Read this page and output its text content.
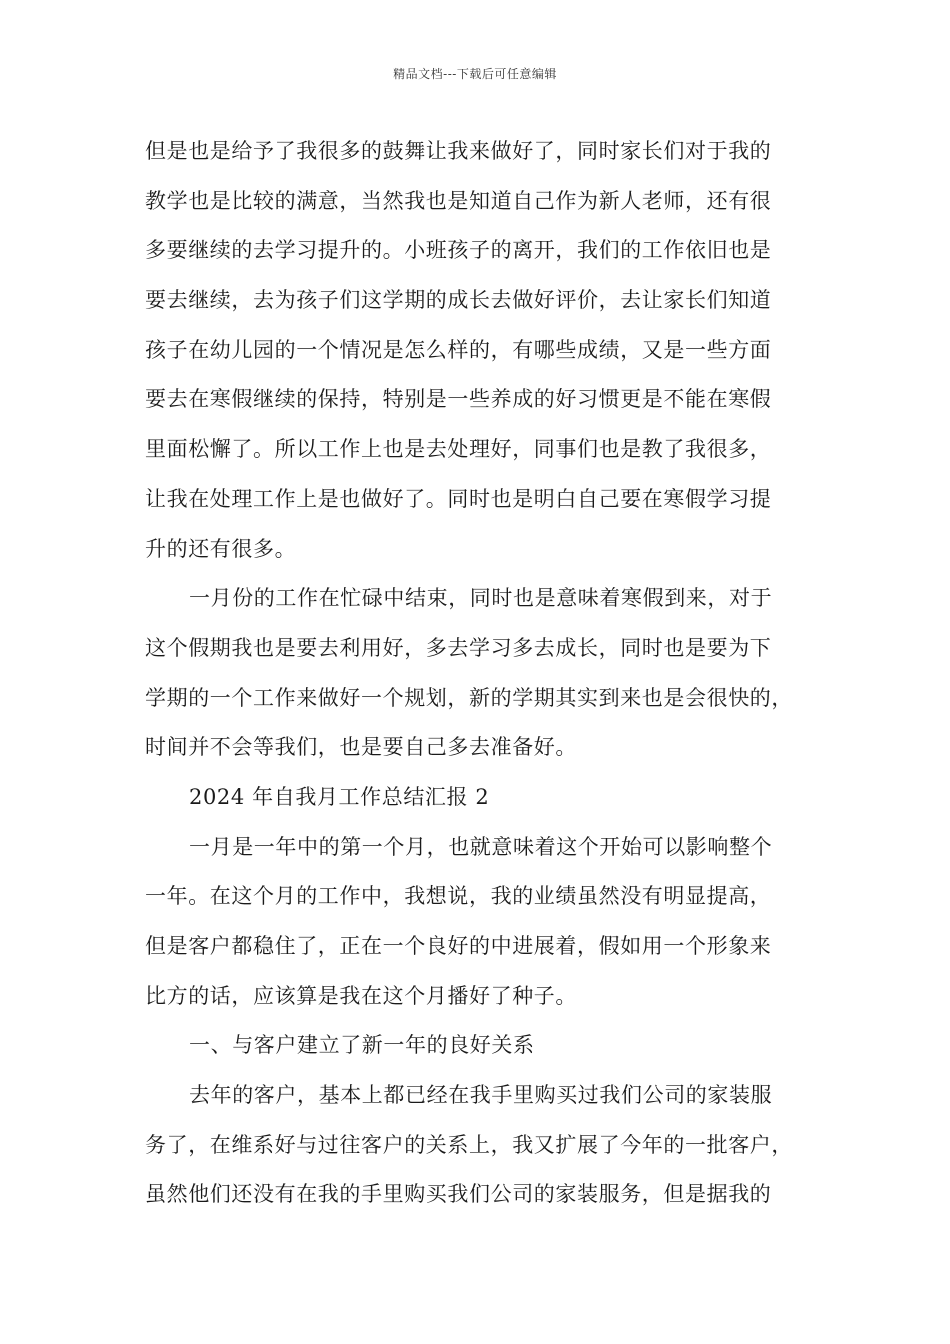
精品文档---下载后可任意编辑
但是也是给予了我很多的鼓舞让我来做好了，同时家长们对于我的
教学也是比较的满意，当然我也是知道自己作为新人老师，还有很
多要继续的去学习提升的。小班孩子的离开，我们的工作依旧也是
要去继续，去为孩子们这学期的成长去做好评价，去让家长们知道
孩子在幼儿园的一个情况是怎么样的，有哪些成绩，又是一些方面
要去在寒假继续的保持，特别是一些养成的好习惯更是不能在寒假
里面松懈了。所以工作上也是去处理好，同事们也是教了我很多，
让我在处理工作上是也做好了。同时也是明白自己要在寒假学习提
升的还有很多。
一月份的工作在忙碌中结束，同时也是意味着寒假到来，对于
这个假期我也是要去利用好，多去学习多去成长，同时也是要为下
学期的一个工作来做好一个规划，新的学期其实到来也是会很快的，
时间并不会等我们，也是要自己多去准备好。
2024 年自我月工作总结汇报 2
一月是一年中的第一个月，也就意味着这个开始可以影响整个
一年。在这个月的工作中，我想说，我的业绩虽然没有明显提高，
但是客户都稳住了，正在一个良好的中进展着，假如用一个形象来
比方的话，应该算是我在这个月播好了种子。
一、与客户建立了新一年的良好关系
去年的客户，基本上都已经在我手里购买过我们公司的家装服
务了，在维系好与过往客户的关系上，我又扩展了今年的一批客户，
虽然他们还没有在我的手里购买我们公司的家装服务，但是据我的
